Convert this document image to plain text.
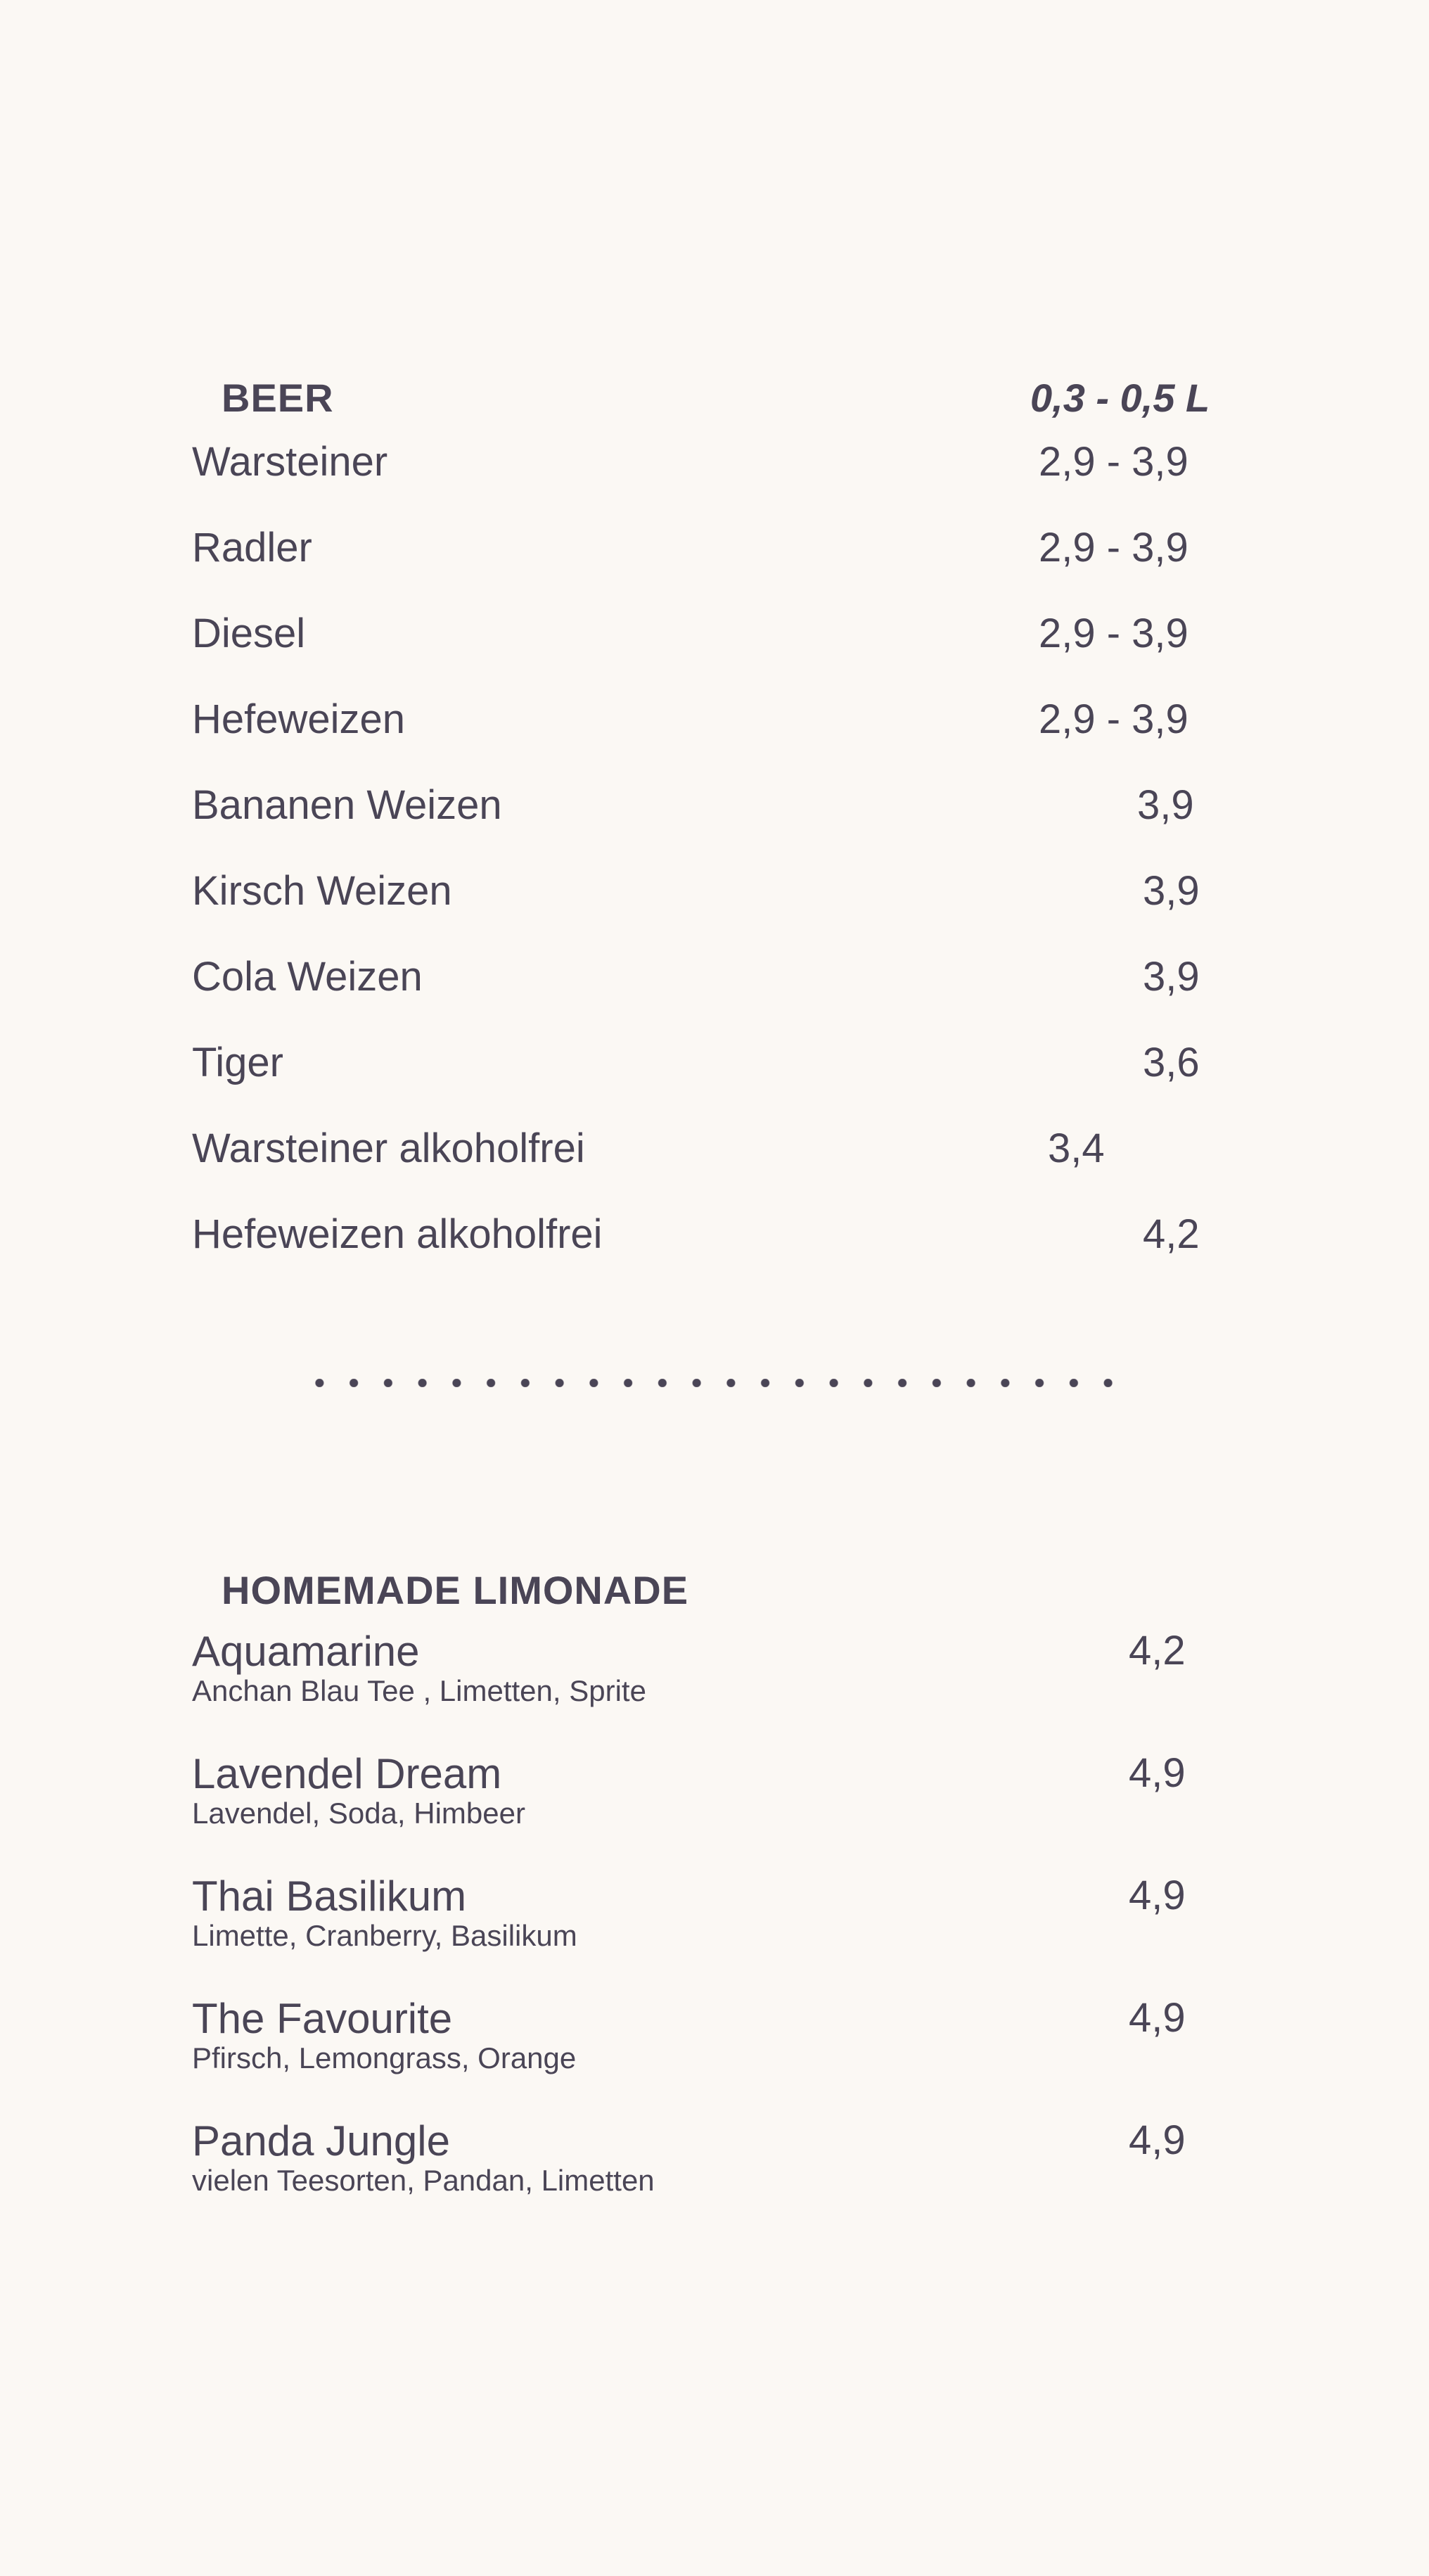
BEER	0,3 - 0,5 L
Warsteiner	2,9 - 3,9
Radler	2,9 - 3,9
Diesel	2,9 - 3,9
Hefeweizen	2,9 - 3,9
Bananen Weizen	3,9
Kirsch Weizen	3,9
Cola Weizen	3,9
Tiger	3,6
Warsteiner alkoholfrei	3,4
Hefeweizen alkoholfrei	4,2
HOMEMADE LIMONADE
Aquamarine	4,2
Anchan Blau Tee , Limetten, Sprite
Lavendel Dream	4,9
Lavendel, Soda, Himbeer
Thai Basilikum	4,9
Limette, Cranberry, Basilikum
The Favourite	4,9
Pfirsch, Lemongrass, Orange
Panda Jungle	4,9
vielen Teesorten, Pandan, Limetten
